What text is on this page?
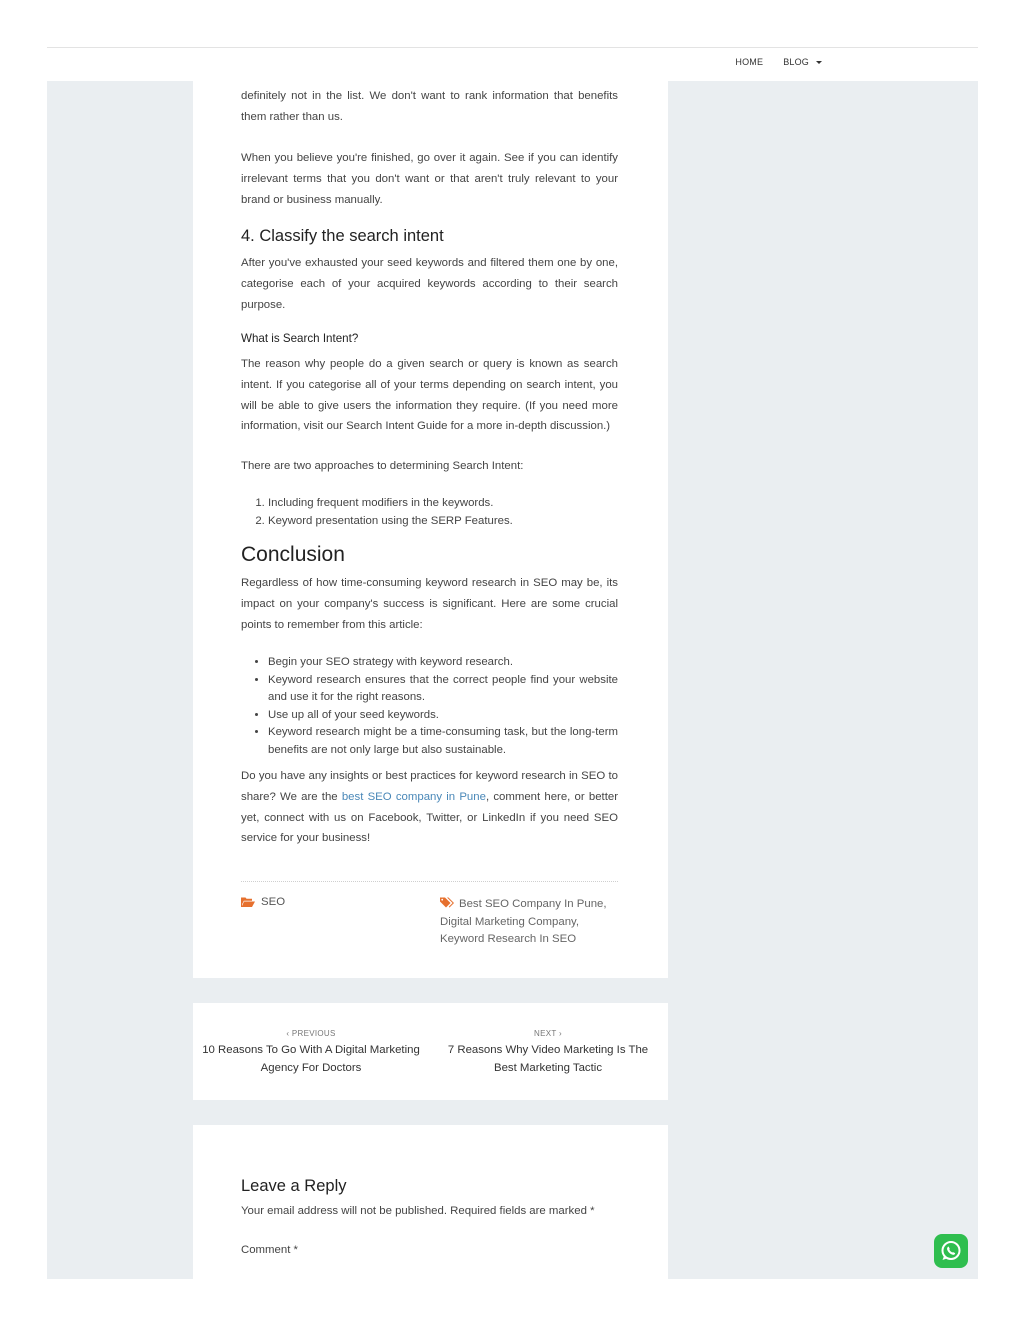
HOME BLOG

definitely not in the list. We don't want to rank information that benefits them rather than us.

When you believe you're finished, go over it again. See if you can identify irrelevant terms that you don't want or that aren't truly relevant to your brand or business manually.

4. Classify the search intent

After you've exhausted your seed keywords and filtered them one by one, categorise each of your acquired keywords according to their search purpose.

What is Search Intent?

The reason why people do a given search or query is known as search intent. If you categorise all of your terms depending on search intent, you will be able to give users the information they require. (If you need more information, visit our Search Intent Guide for a more in-depth discussion.)

There are two approaches to determining Search Intent:

1. Including frequent modifiers in the keywords.
2. Keyword presentation using the SERP Features.
Conclusion

Regardless of how time-consuming keyword research in SEO may be, its impact on your company's success is significant. Here are some crucial points to remember from this article:

• Begin your SEO strategy with keyword research.
• Keyword research ensures that the correct people find your website and use it for the right reasons.
• Use up all of your seed keywords.
• Keyword research might be a time-consuming task, but the long-term benefits are not only large but also sustainable.

Do you have any insights or best practices for keyword research in SEO to share? We are the best SEO company in Pune, comment here, or better yet, connect with us on Facebook, Twitter, or LinkedIn if you need SEO service for your business!

SEO	Best SEO Company In Pune,
Digital Marketing Company,
Keyword Research In SEO
‹ PREVIOUS
10 Reasons To Go With A Digital Marketing Agency For Doctors
NEXT ›
7 Reasons Why Video Marketing Is The Best Marketing Tactic
Leave a Reply
Your email address will not be published. Required fields are marked *
Comment *
